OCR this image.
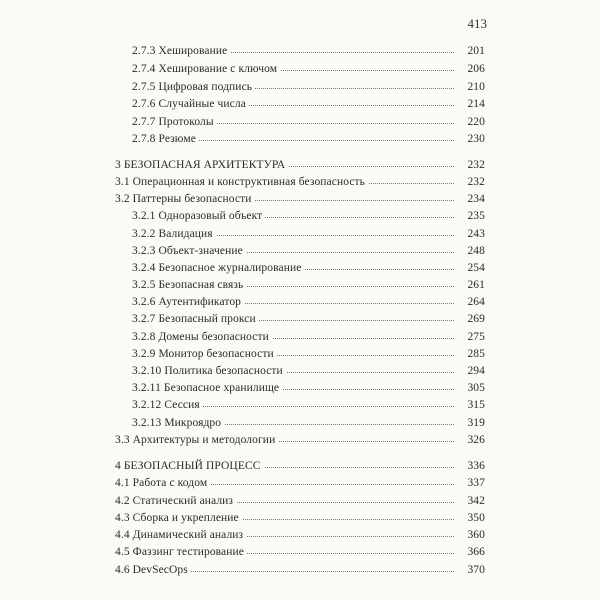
413
2.7.3 Хеширование	201
2.7.4 Хеширование с ключом	206
2.7.5 Цифровая подпись	210
2.7.6 Случайные числа	214
2.7.7 Протоколы	220
2.7.8 Резюме	230
3 БЕЗОПАСНАЯ АРХИТЕКТУРА	232
3.1 Операционная и конструктивная безопасность	232
3.2 Паттерны безопасности	234
3.2.1 Одноразовый объект	235
3.2.2 Валидация	243
3.2.3 Объект-значение	248
3.2.4 Безопасное журналирование	254
3.2.5 Безопасная связь	261
3.2.6 Аутентификатор	264
3.2.7 Безопасный прокси	269
3.2.8 Домены безопасности	275
3.2.9 Монитор безопасности	285
3.2.10 Политика безопасности	294
3.2.11 Безопасное хранилище	305
3.2.12 Сессия	315
3.2.13 Микроядро	319
3.3 Архитектуры и методологии	326
4 БЕЗОПАСНЫЙ ПРОЦЕСС	336
4.1 Работа с кодом	337
4.2 Статический анализ	342
4.3 Сборка и укрепление	350
4.4 Динамический анализ	360
4.5 Фаззинг тестирование	366
4.6 DevSecOps	370
